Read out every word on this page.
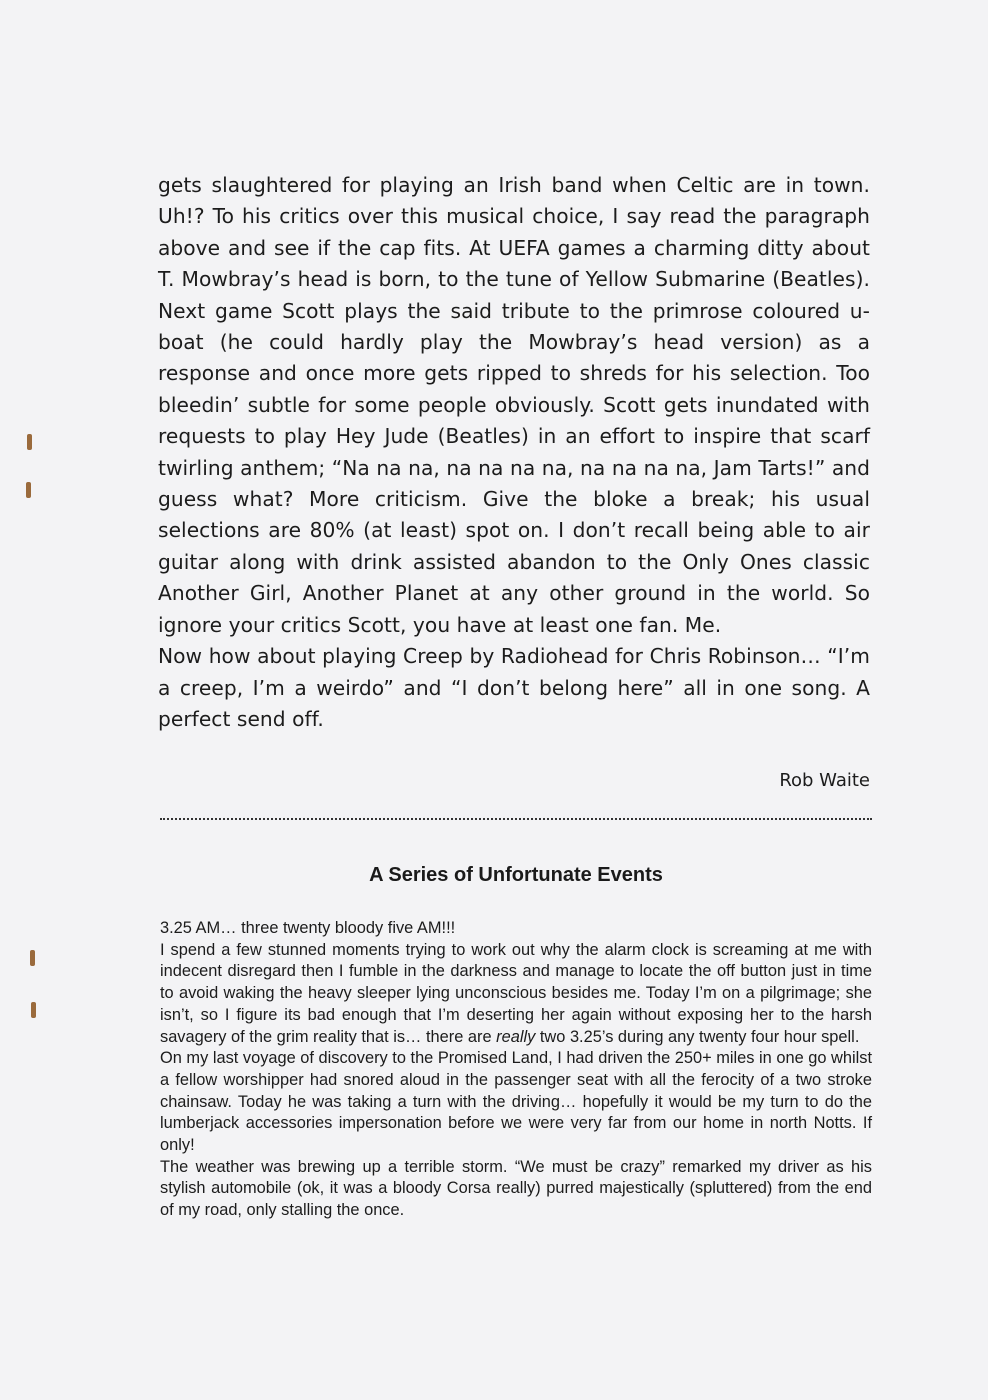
gets slaughtered for playing an Irish band when Celtic are in town. Uh!? To his critics over this musical choice, I say read the paragraph above and see if the cap fits. At UEFA games a charming ditty about T. Mowbray’s head is born, to the tune of Yellow Submarine (Beatles). Next game Scott plays the said tribute to the primrose coloured u-boat (he could hardly play the Mowbray’s head version) as a response and once more gets ripped to shreds for his selection. Too bleedin’ subtle for some people obviously. Scott gets inundated with requests to play Hey Jude (Beatles) in an effort to inspire that scarf twirling anthem; “Na na na, na na na na, na na na na, Jam Tarts!” and guess what? More criticism. Give the bloke a break; his usual selections are 80% (at least) spot on. I don’t recall being able to air guitar along with drink assisted abandon to the Only Ones classic Another Girl, Another Planet at any other ground in the world. So ignore your critics Scott, you have at least one fan. Me.

Now how about playing Creep by Radiohead for Chris Robinson… “I’m a creep, I’m a weirdo” and “I don’t belong here” all in one song. A perfect send off.

Rob Waite
A Series of Unfortunate Events

3.25 AM… three twenty bloody five AM!!!

I spend a few stunned moments trying to work out why the alarm clock is screaming at me with indecent disregard then I fumble in the darkness and manage to locate the off button just in time to avoid waking the heavy sleeper lying unconscious besides me. Today I’m on a pilgrimage; she isn’t, so I figure its bad enough that I’m deserting her again without exposing her to the harsh savagery of the grim reality that is… there are really two 3.25’s during any twenty four hour spell.

On my last voyage of discovery to the Promised Land, I had driven the 250+ miles in one go whilst a fellow worshipper had snored aloud in the passenger seat with all the ferocity of a two stroke chainsaw. Today he was taking a turn with the driving… hopefully it would be my turn to do the lumberjack accessories impersonation before we were very far from our home in north Notts. If only!

The weather was brewing up a terrible storm. “We must be crazy” remarked my driver as his stylish automobile (ok, it was a bloody Corsa really) purred majestically (spluttered) from the end of my road, only stalling the once.
